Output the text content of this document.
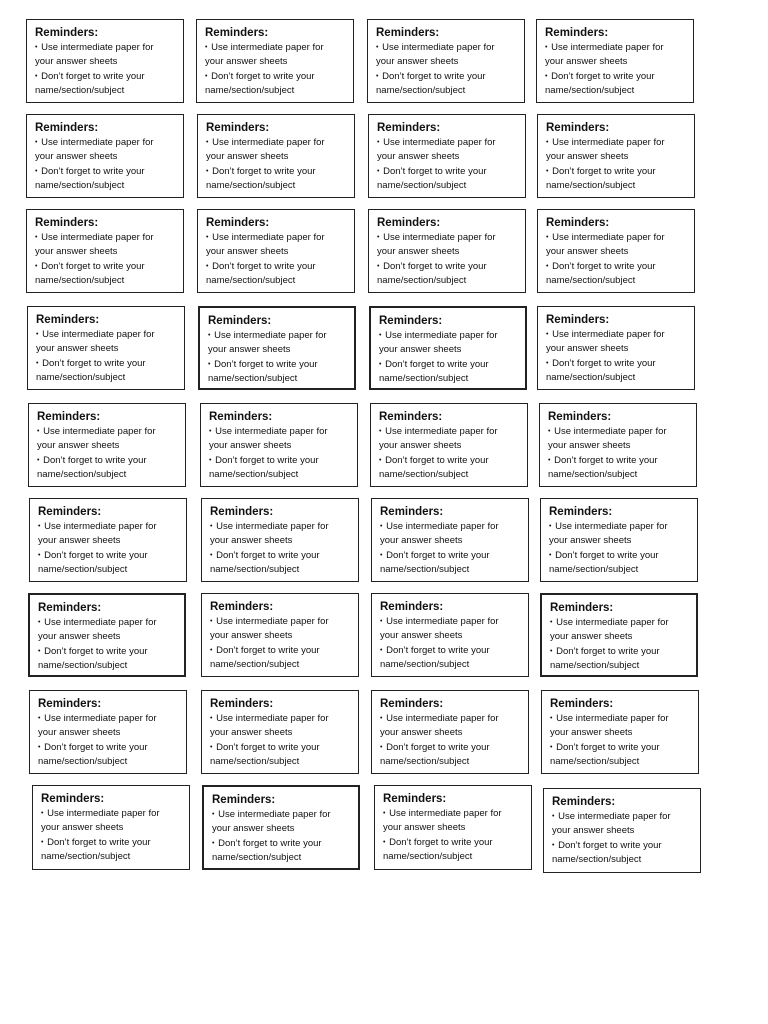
Reminders:
• Use intermediate paper for
your answer sheets
• Don’t forget to write your
name/section/subject
Reminders:
• Use intermediate paper for
your answer sheets
• Don’t forget to write your
name/section/subject
Reminders:
• Use intermediate paper for
your answer sheets
• Don’t forget to write your
name/section/subject
Reminders:
• Use intermediate paper for
your answer sheets
• Don’t forget to write your
name/section/subject
Reminders:
• Use intermediate paper for
your answer sheets
• Don’t forget to write your
name/section/subject
Reminders:
• Use intermediate paper for
your answer sheets
• Don’t forget to write your
name/section/subject
Reminders:
• Use intermediate paper for
your answer sheets
• Don’t forget to write your
name/section/subject
Reminders:
• Use intermediate paper for
your answer sheets
• Don’t forget to write your
name/section/subject
Reminders:
• Use intermediate paper for
your answer sheets
• Don’t forget to write your
name/section/subject
Reminders:
• Use intermediate paper for
your answer sheets
• Don’t forget to write your
name/section/subject
Reminders:
• Use intermediate paper for
your answer sheets
• Don’t forget to write your
name/section/subject
Reminders:
• Use intermediate paper for
your answer sheets
• Don’t forget to write your
name/section/subject
Reminders:
• Use intermediate paper for
your answer sheets
• Don’t forget to write your
name/section/subject
Reminders:
• Use intermediate paper for
your answer sheets
• Don’t forget to write your
name/section/subject
Reminders:
• Use intermediate paper for
your answer sheets
• Don’t forget to write your
name/section/subject
Reminders:
• Use intermediate paper for
your answer sheets
• Don’t forget to write your
name/section/subject
Reminders:
• Use intermediate paper for
your answer sheets
• Don’t forget to write your
name/section/subject
Reminders:
• Use intermediate paper for
your answer sheets
• Don’t forget to write your
name/section/subject
Reminders:
• Use intermediate paper for
your answer sheets
• Don’t forget to write your
name/section/subject
Reminders:
• Use intermediate paper for
your answer sheets
• Don’t forget to write your
name/section/subject
Reminders:
• Use intermediate paper for
your answer sheets
• Don’t forget to write your
name/section/subject
Reminders:
• Use intermediate paper for
your answer sheets
• Don’t forget to write your
name/section/subject
Reminders:
• Use intermediate paper for
your answer sheets
• Don’t forget to write your
name/section/subject
Reminders:
• Use intermediate paper for
your answer sheets
• Don’t forget to write your
name/section/subject
Reminders:
• Use intermediate paper for
your answer sheets
• Don’t forget to write your
name/section/subject
Reminders:
• Use intermediate paper for
your answer sheets
• Don’t forget to write your
name/section/subject
Reminders:
• Use intermediate paper for
your answer sheets
• Don’t forget to write your
name/section/subject
Reminders:
• Use intermediate paper for
your answer sheets
• Don’t forget to write your
name/section/subject
Reminders:
• Use intermediate paper for
your answer sheets
• Don’t forget to write your
name/section/subject
Reminders:
• Use intermediate paper for
your answer sheets
• Don’t forget to write your
name/section/subject
Reminders:
• Use intermediate paper for
your answer sheets
• Don’t forget to write your
name/section/subject
Reminders:
• Use intermediate paper for
your answer sheets
• Don’t forget to write your
name/section/subject
Reminders:
• Use intermediate paper for
your answer sheets
• Don’t forget to write your
name/section/subject
Reminders:
• Use intermediate paper for
your answer sheets
• Don’t forget to write your
name/section/subject
Reminders:
• Use intermediate paper for
your answer sheets
• Don’t forget to write your
name/section/subject
Reminders:
• Use intermediate paper for
your answer sheets
• Don’t forget to write your
name/section/subject
